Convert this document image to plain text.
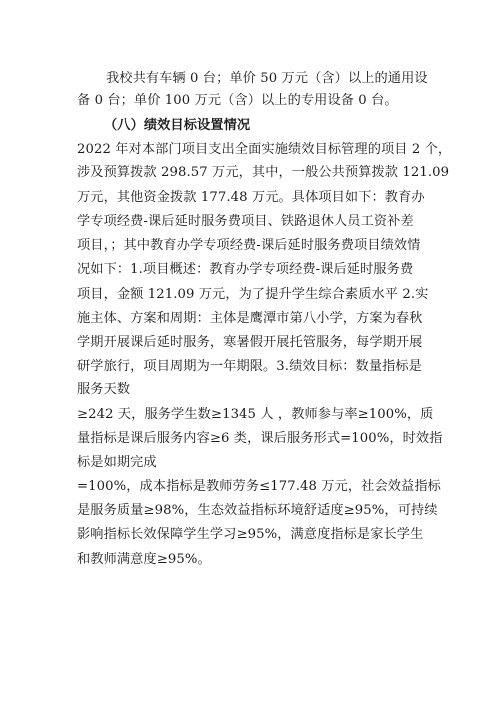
我校共有车辆 0 台；单价 50 万元（含）以上的通用设
备 0 台；单价 100 万元（含）以上的专用设备 0 台。
（八）绩效目标设置情况
2022 年对本部门项目支出全面实施绩效目标管理的项目 2 个，
涉及预算拨款 298.57 万元，其中，一般公共预算拨款 121.09
万元，其他资金拨款 177.48 万元。具体项目如下：教育办
学专项经费-课后延时服务费项目、铁路退休人员工资补差
项目，；其中教育办学专项经费-课后延时服务费项目绩效情
况如下：1.项目概述：教育办学专项经费-课后延时服务费
项目，金额 121.09 万元，为了提升学生综合素质水平 2.实
施主体、方案和周期：主体是鹰潭市第八小学，方案为春秋
学期开展课后延时服务，寒暑假开展托管服务，每学期开展
研学旅行，项目周期为一年期限。3.绩效目标：数量指标是
服务天数
≥242 天，服务学生数≥1345 人 ，教师参与率≥100%，质
量指标是课后服务内容≥6 类，课后服务形式=100%，时效指
标是如期完成
=100%，成本指标是教师劳务≤177.48 万元，社会效益指标
是服务质量≥98%，生态效益指标环境舒适度≥95%，可持续
影响指标长效保障学生学习≥95%，满意度指标是家长学生
和教师满意度≥95%。
